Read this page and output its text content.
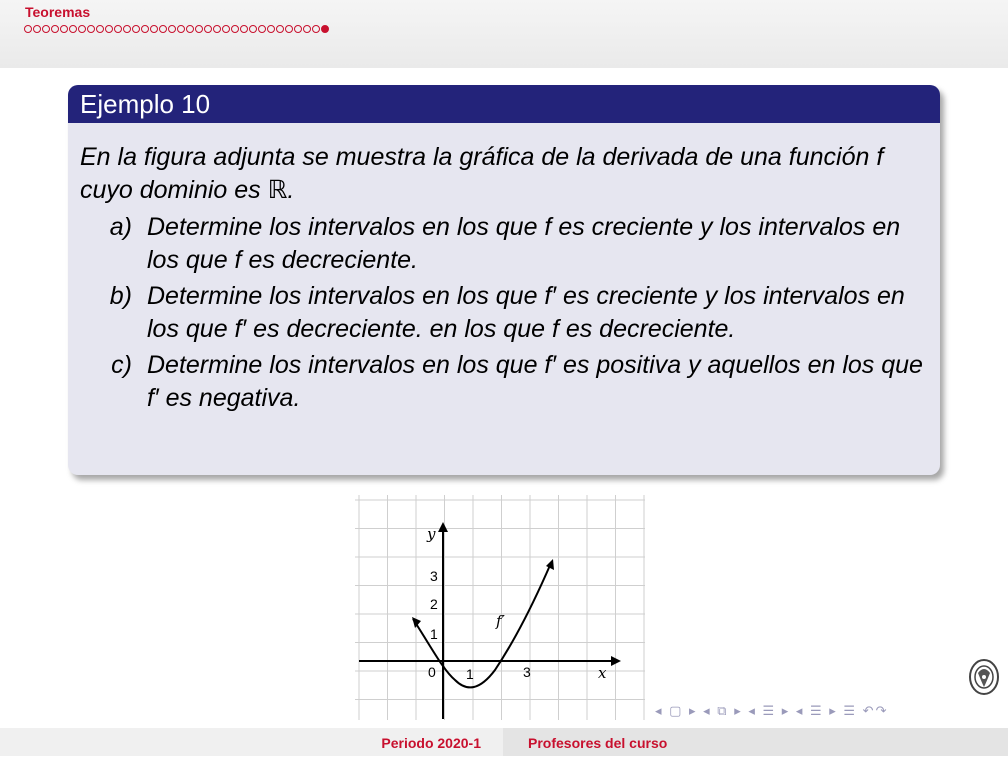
Teoremas
Ejemplo 10
En la figura adjunta se muestra la gráfica de la derivada de una función f cuyo dominio es ℝ.
a) Determine los intervalos en los que f es creciente y los intervalos en los que f es decreciente.
b) Determine los intervalos en los que f′ es creciente y los intervalos en los que f′ es decreciente. en los que f es decreciente.
c) Determine los intervalos en los que f′ es positiva y aquellos en los que f′ es negativa.
y
x
f′
0 1	3
1
2
3
◂ ▢ ▸ ◂ ⧉ ▸ ◂ ☰ ▸ ◂ ☰ ▸ ☰ ↶↷
Periodo 2020-1	Profesores del curso
